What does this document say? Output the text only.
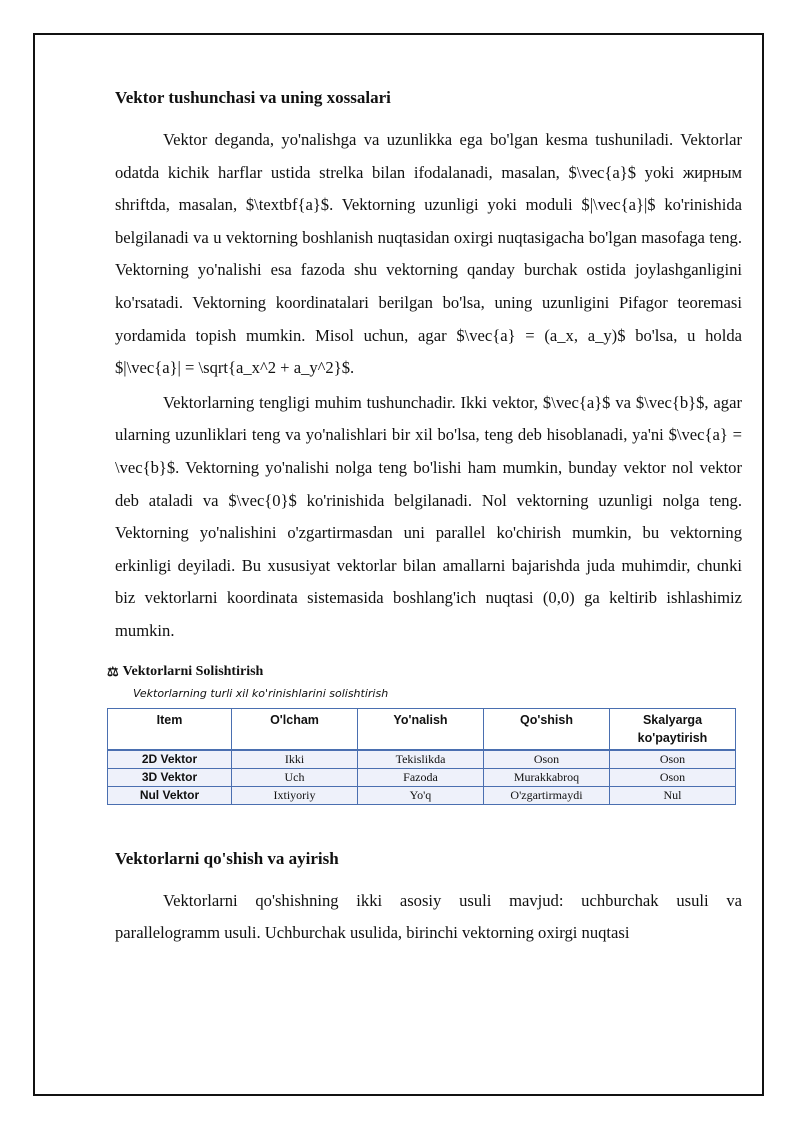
Vektor tushunchasi va uning xossalari

Vektor deganda, yo'nalishga va uzunlikka ega bo'lgan kesma tushuniladi. Vektorlar odatda kichik harflar ustida strelka bilan ifodalanadi, masalan, $\vec{a}$ yoki жирным shriftda, masalan, $\textbf{a}$. Vektorning uzunligi yoki moduli $|\vec{a}|$ ko'rinishida belgilanadi va u vektorning boshlanish nuqtasidan oxirgi nuqtasigacha bo'lgan masofaga teng. Vektorning yo'nalishi esa fazoda shu vektorning qanday burchak ostida joylashganligini ko'rsatadi. Vektorning koordinatalari berilgan bo'lsa, uning uzunligini Pifagor teoremasi yordamida topish mumkin. Misol uchun, agar $\vec{a} = (a_x, a_y)$ bo'lsa, u holda $|\vec{a}| = \sqrt{a_x^2 + a_y^2}$.

Vektorlarning tengligi muhim tushunchadir. Ikki vektor, $\vec{a}$ va $\vec{b}$, agar ularning uzunliklari teng va yo'nalishlari bir xil bo'lsa, teng deb hisoblanadi, ya'ni $\vec{a} = \vec{b}$. Vektorning yo'nalishi nolga teng bo'lishi ham mumkin, bunday vektor nol vektor deb ataladi va $\vec{0}$ ko'rinishida belgilanadi. Nol vektorning uzunligi nolga teng. Vektorning yo'nalishini o'zgartirmasdan uni parallel ko'chirish mumkin, bu vektorning erkinligi deyiladi. Bu xususiyat vektorlar bilan amallarni bajarishda juda muhimdir, chunki biz vektorlarni koordinata sistemasida boshlang'ich nuqtasi (0,0) ga keltirib ishlashimiz mumkin.

⚖ Vektorlarni Solishtirish
Vektorlarning turli xil ko'rinishlarini solishtirish
Item	O'lcham	Yo'nalish	Qo'shish	Skalyarga ko'paytirish
2D Vektor	Ikki	Tekislikda	Oson	Oson
3D Vektor	Uch	Fazoda	Murakkabroq	Oson
Nul Vektor	Ixtiyoriy	Yo'q	O'zgartirmaydi	Nul
Vektorlarni qo'shish va ayirish

Vektorlarni qo'shishning ikki asosiy usuli mavjud: uchburchak usuli va parallelogramm usuli. Uchburchak usulida, birinchi vektorning oxirgi nuqtasi
